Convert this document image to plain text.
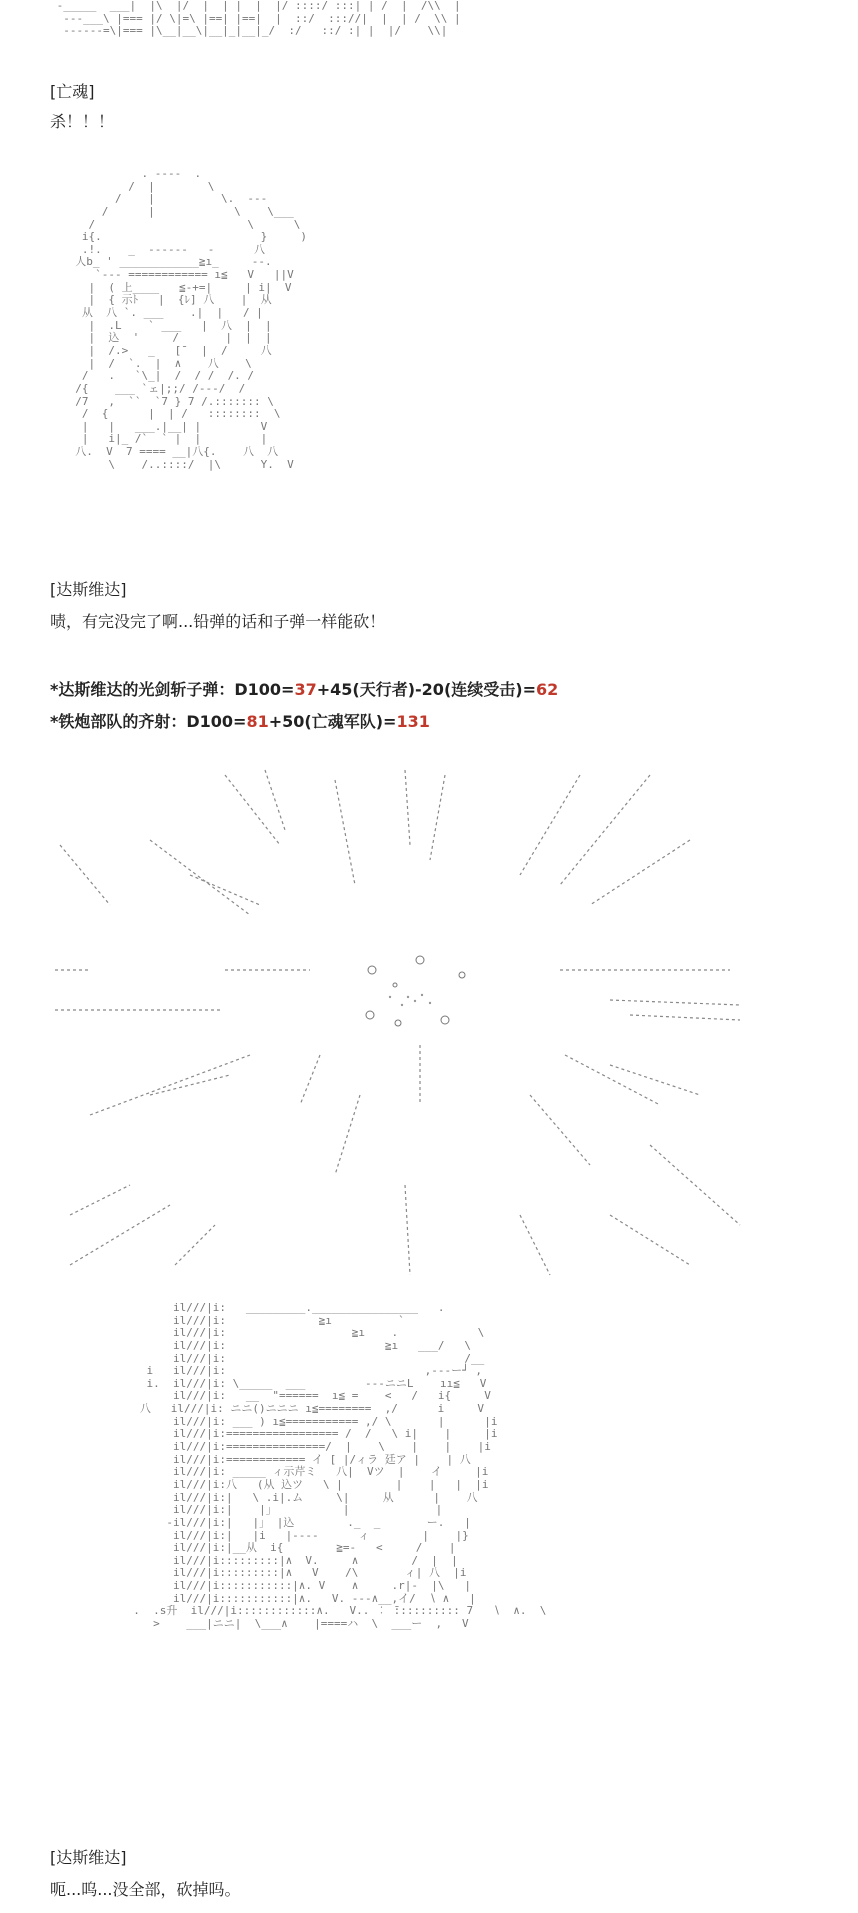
-_____  ___|  |\  |/  |  | |  |  |/ ::::/ :::| | /  |  /\\  |
---___\ |=== |/ \|=\ |==| |==|  |  ::/  ::://|  |  | /  \\ |
------=\|=== |\__|__\|__|_|__|_/  :/   ::/ :| |  |/    \\|

[亡魂]
杀！！！
. ----  .
/  |        \
/    |          \.  ---
/      |            \    \___
/                       \      \
i{.                        }     )
.!.    _  ------   -      八
人b_ ' ____________≧ı_     --.
`--- ============ ı≦   V   ||V
|  ( 上____   ≦-+=|     | i|  V
|  { 示ﾄ   |  {ﾚ] 八    |  从
从  八 `. ___    .|  |   / |
|  .L    ` ___   |  八  |  |
|  込  '     /       |  |  |
|  /.>   _   [¯  |  /     八
|  /  `.  |  ∧    八    \
/   .   `\_|  /  / /  /. /
/{    ___ `ェ|;;/ /---/  /
/7   ,  ``  `7 } 7 /.::::::: \
/  {      |  | /   ::::::::  \
|   |   ___.|__| |         V
|   i|_ /`  ` |  |         |
八.  V  7 ==== __|八{.    八  八
\    /..::::/  |\      Y.  V

[达斯维达]
啧，有完没完了啊...铅弹的话和子弹一样能砍！
*达斯维达的光剑斩子弹：D100=37+45(天行者)-20(连续受击)=62
*铁炮部队的齐射：D100=81+50(亡魂军队)=131
il///|i:   _________.________________   .
il///|i:              ≧ı          `
il///|i:                   ≧ı    .            \
il///|i:                        ≧ı   ___/   \
il///|i:                                    /__
i   il///|i:                              ,---ー┘ ,
i.  il///|i: \_____  ___         ---ニニL    ıı≦   V
il///|i:   __  "======  ı≦ =    <   /   i{     V
八   il///|i: ニニ()ニニニ ı≦========  ,/      i     V
il///|i: ___ ) ı≦=========== ,/ \       |      |i
il///|i:================= /  /   \ i|    |     |i
il///|i:===============/  |    \    |    |    |i
il///|i:============ イ [ |/ィラ 廷ア |    | 八
il///|i: _____ ィ示芹ミ   八|  Vツ  |    イ     |i
il///|i:八   (从 込ツ   \ |        |    |   |  |i
il///|i:|   \ .i|.ム     \|     从      |    八
il///|i:|    |」          |             |
-il///|i:|   |」 |込        ._  _       ー.   |
il///|i:|   |i   |----      ィ        |    |}
il///|i:|__从  i{        ≧=-   <     /    |
il///|i:::::::::|∧  V.     ∧        /  |  |
il///|i:::::::::|∧   V    /\       ィ| 八  |i
il///|i:::::::::::|∧. V    ∧     .r|-  |\   |
il///|i:::::::::::|∧.   V. ---∧__,イ/  ∖ ∧   |
.  .s升  il///|i::::::::::::∧.   V.. ︰ ̄:::::::::: 7   ∖  ∧.  \
>    ___|ニニ|  \___∧    |====ハ  \  ___ー  ,   V

[达斯维达]
呃...呜...没全部，砍掉吗。
